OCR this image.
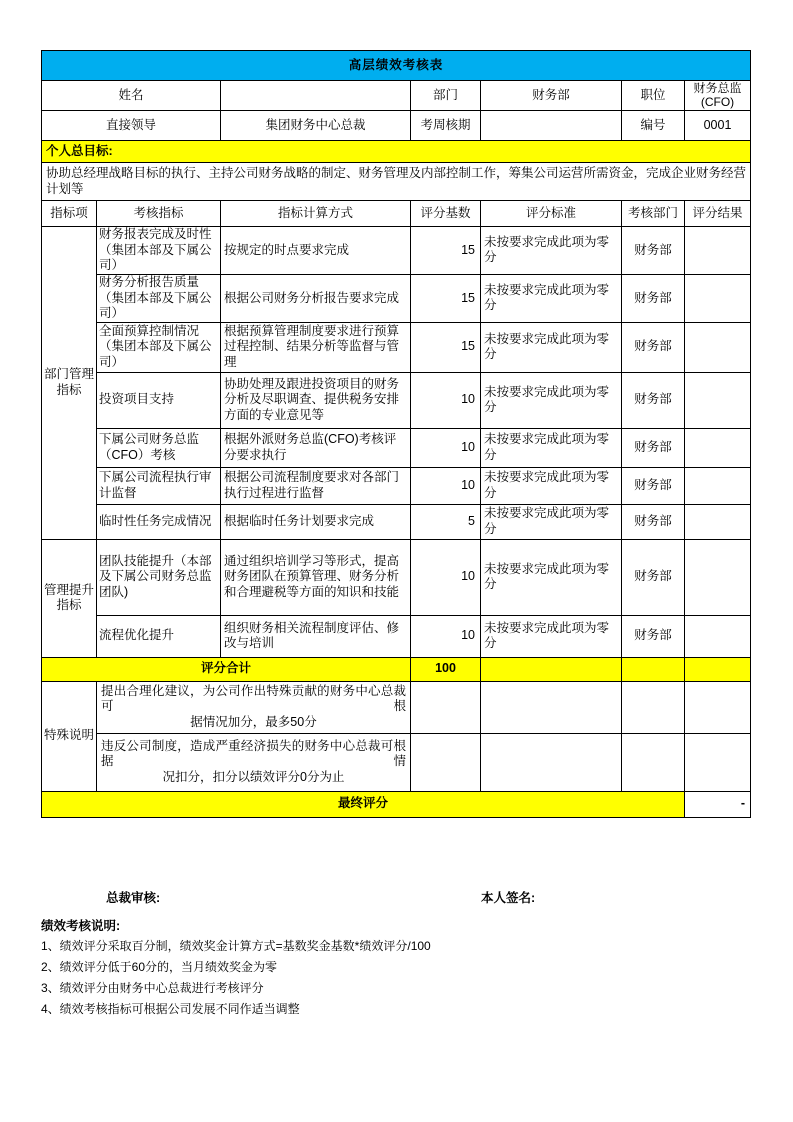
高层绩效考核表						
姓名			部门	财务部	职位	财务总监(CFO)
直接领导		集团财务中心总裁	考周核期		编号	0001
个人总目标:						
协助总经理战略目标的执行、主持公司财务战略的制定、财务管理及内部控制工作，筹集公司运营所需资金，完成企业财务经营计划等						
指标项	考核指标	指标计算方式	评分基数	评分标准	考核部门	评分结果
部门管理指标	财务报表完成及时性（集团本部及下属公司）	按规定的时点要求完成	15	未按要求完成此项为零分	财务部	

	财务分析报告质量（集团本部及下属公司）	根据公司财务分析报告要求完成	15	未按要求完成此项为零分	财务部	

	全面预算控制情况（集团本部及下属公司）	根据预算管理制度要求进行预算过程控制、结果分析等监督与管理	15	未按要求完成此项为零分	财务部	

	投资项目支持	协助处理及跟进投资项目的财务分析及尽职调查、提供税务安排方面的专业意见等	10	未按要求完成此项为零分	财务部	

	下属公司财务总监（CFO）考核	根据外派财务总监(CFO)考核评分要求执行	10	未按要求完成此项为零分	财务部	

	下属公司流程执行审计监督	根据公司流程制度要求对各部门执行过程进行监督	10	未按要求完成此项为零分	财务部	

	临时性任务完成情况	根据临时任务计划要求完成	5	未按要求完成此项为零分	财务部	
管理提升指标	团队技能提升（本部及下属公司财务总监团队)	通过组织培训学习等形式，提高财务团队在预算管理、财务分析和合理避税等方面的知识和技能	10	未按要求完成此项为零分	财务部	

	流程优化提升	组织财务相关流程制度评估、修改与培训	10	未按要求完成此项为零分	财务部	
评分合计			100			
特殊说明	提出合理化建议，为公司作出特殊贡献的财务中心总裁可根
据情况加分，最多50分					

	违反公司制度，造成严重经济损失的财务中心总裁可根据情
况扣分，扣分以绩效评分0分为止					

最终评分						-
总裁审核:	本人签名:
绩效考核说明:
1、绩效评分采取百分制，绩效奖金计算方式=基数奖金基数*绩效评分/100
2、绩效评分低于60分的，当月绩效奖金为零
3、绩效评分由财务中心总裁进行考核评分
4、绩效考核指标可根据公司发展不同作适当调整
